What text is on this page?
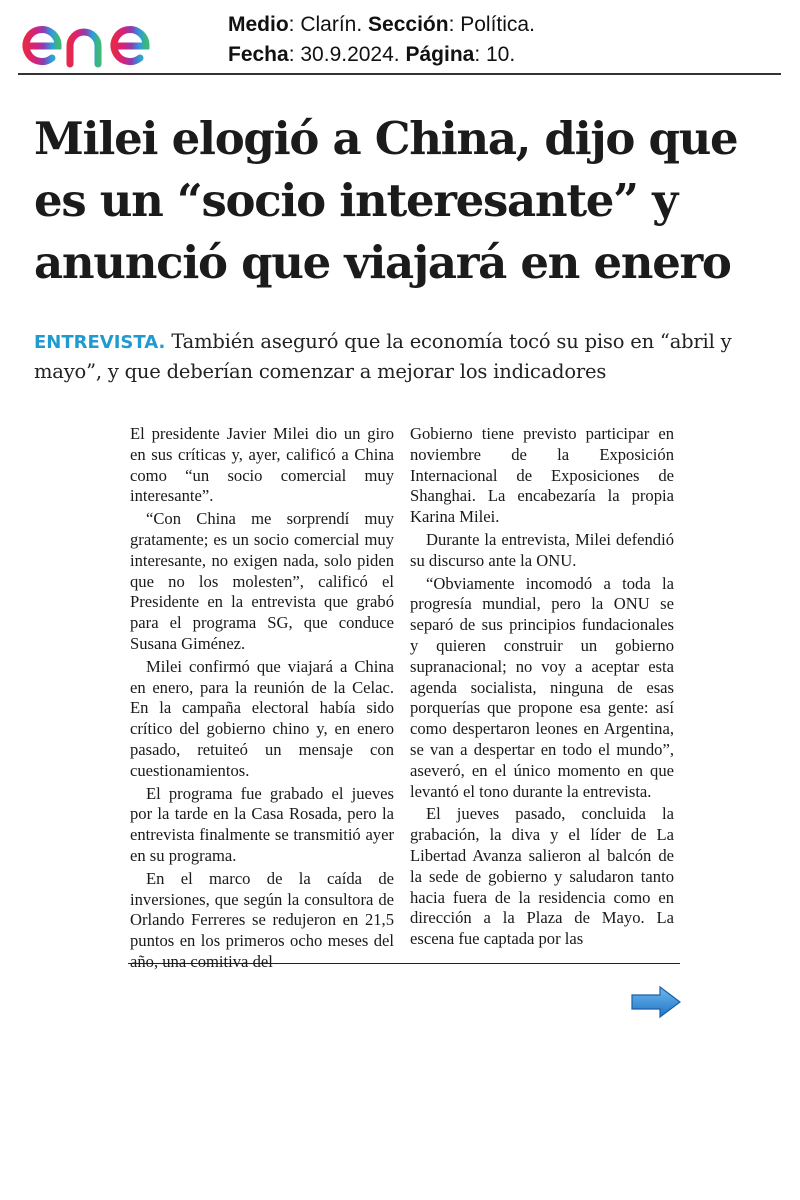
Medio: Clarín. Sección: Política.
Fecha: 30.9.2024. Página: 10.
Milei elogió a China, dijo que es un “socio interesante” y anunció que viajará en enero

ENTREVISTA. También aseguró que la economía tocó su piso en “abril y mayo”, y que deberían comenzar a mejorar los indicadores

El presidente Javier Milei dio un giro en sus críticas y, ayer, calificó a China como “un socio comercial muy interesante”.

“Con China me sorprendí muy gratamente; es un socio comercial muy interesante, no exigen nada, solo piden que no los molesten”, calificó el Presidente en la entrevista que grabó para el programa SG, que conduce Susana Giménez.

Milei confirmó que viajará a China en enero, para la reunión de la Celac. En la campaña electoral había sido crítico del gobierno chino y, en enero pasado, retuiteó un mensaje con cuestionamientos.

El programa fue grabado el jueves por la tarde en la Casa Rosada, pero la entrevista finalmente se transmitió ayer en su programa.

En el marco de la caída de inversiones, que según la consultora de Orlando Ferreres se redujeron en 21,5 puntos en los primeros ocho meses del año, una comitiva del

Gobierno tiene previsto participar en noviembre de la Exposición Internacional de Exposiciones de Shanghai. La encabezaría la propia Karina Milei.

Durante la entrevista, Milei defendió su discurso ante la ONU.

“Obviamente incomodó a toda la progresía mundial, pero la ONU se separó de sus principios fundacionales y quieren construir un gobierno supranacional; no voy a aceptar esta agenda socialista, ninguna de esas porquerías que propone esa gente: así como despertaron leones en Argentina, se van a despertar en todo el mundo”, aseveró, en el único momento en que levantó el tono durante la entrevista.

El jueves pasado, concluida la grabación, la diva y el líder de La Libertad Avanza salieron al balcón de la sede de gobierno y saludaron tanto hacia fuera de la residencia como en dirección a la Plaza de Mayo. La escena fue captada por las
